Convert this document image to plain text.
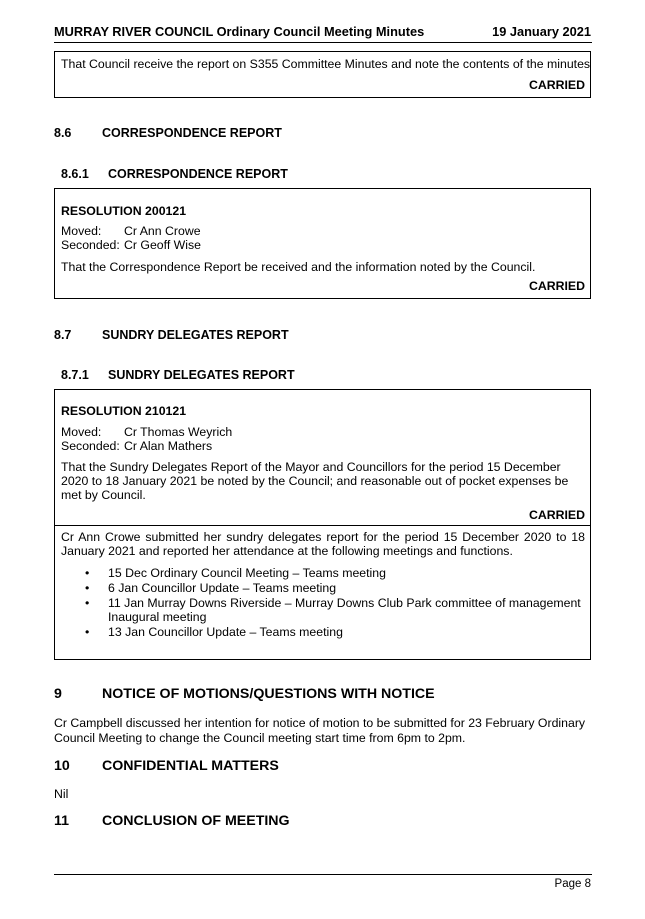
MURRAY RIVER COUNCIL Ordinary Council Meeting Minutes	19 January 2021
That Council receive the report on S355 Committee Minutes and note the contents of the minutes
CARRIED
8.6 CORRESPONDENCE REPORT
8.6.1 CORRESPONDENCE REPORT
RESOLUTION 200121
Moved: Cr Ann Crowe
Seconded: Cr Geoff Wise
That the Correspondence Report be received and the information noted by the Council.
CARRIED
8.7 SUNDRY DELEGATES REPORT
8.7.1 SUNDRY DELEGATES REPORT
RESOLUTION 210121
Moved: Cr Thomas Weyrich
Seconded: Cr Alan Mathers
That the Sundry Delegates Report of the Mayor and Councillors for the period 15 December
2020 to 18 January 2021 be noted by the Council; and reasonable out of pocket expenses be
met by Council.
CARRIED
Cr Ann Crowe submitted her sundry delegates report for the period 15 December 2020 to 18
January 2021 and reported her attendance at the following meetings and functions.
• 15 Dec Ordinary Council Meeting – Teams meeting
• 6 Jan Councillor Update – Teams meeting
• 11 Jan Murray Downs Riverside – Murray Downs Club Park committee of management
Inaugural meeting
• 13 Jan Councillor Update – Teams meeting
9	NOTICE OF MOTIONS/QUESTIONS WITH NOTICE
Cr Campbell discussed her intention for notice of motion to be submitted for 23 February Ordinary
Council Meeting to change the Council meeting start time from 6pm to 2pm.
10 CONFIDENTIAL MATTERS
Nil
11 CONCLUSION OF MEETING
Page 8
